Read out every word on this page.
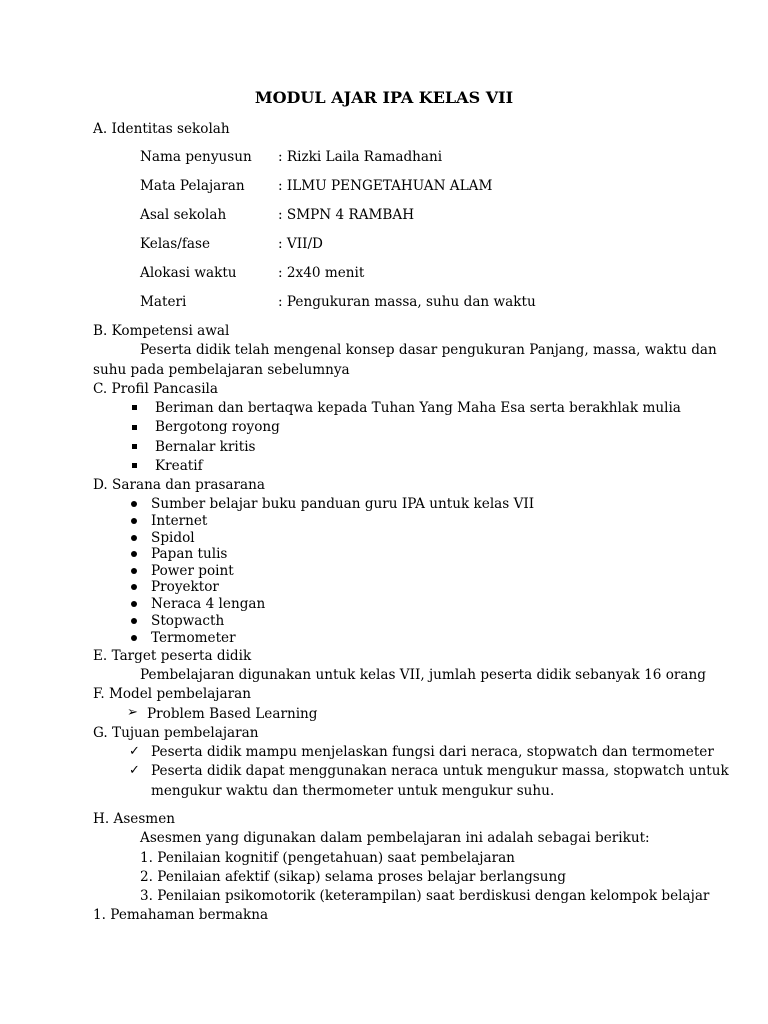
MODUL AJAR IPA KELAS VII
A. Identitas sekolah
Nama penyusun : Rizki Laila Ramadhani
Mata Pelajaran : ILMU PENGETAHUAN ALAM
Asal sekolah	: SMPN 4 RAMBAH
Kelas/fase	: VII/D
Alokasi waktu	: 2x40 menit
Materi	: Pengukuran massa, suhu dan waktu
B. Kompetensi awal
Peserta didik telah mengenal konsep dasar pengukuran Panjang, massa, waktu dan
suhu pada pembelajaran sebelumnya
C. Profil Pancasila
Beriman dan bertaqwa kepada Tuhan Yang Maha Esa serta berakhlak mulia
Bergotong royong
Bernalar kritis
Kreatif
D. Sarana dan prasarana
Sumber belajar buku panduan guru IPA untuk kelas VII
Internet
Spidol
Papan tulis
Power point
Proyektor
Neraca 4 lengan
Stopwacth
Termometer
E. Target peserta didik
Pembelajaran digunakan untuk kelas VII, jumlah peserta didik sebanyak 16 orang
F. Model pembelajaran
➢ Problem Based Learning
G. Tujuan pembelajaran
✓ Peserta didik mampu menjelaskan fungsi dari neraca, stopwatch dan termometer
✓ Peserta didik dapat menggunakan neraca untuk mengukur massa, stopwatch untuk
mengukur waktu dan thermometer untuk mengukur suhu.
H. Asesmen
Asesmen yang digunakan dalam pembelajaran ini adalah sebagai berikut:
1. Penilaian kognitif (pengetahuan) saat pembelajaran
2. Penilaian afektif (sikap) selama proses belajar berlangsung
3. Penilaian psikomotorik (keterampilan) saat berdiskusi dengan kelompok belajar
1. Pemahaman bermakna
